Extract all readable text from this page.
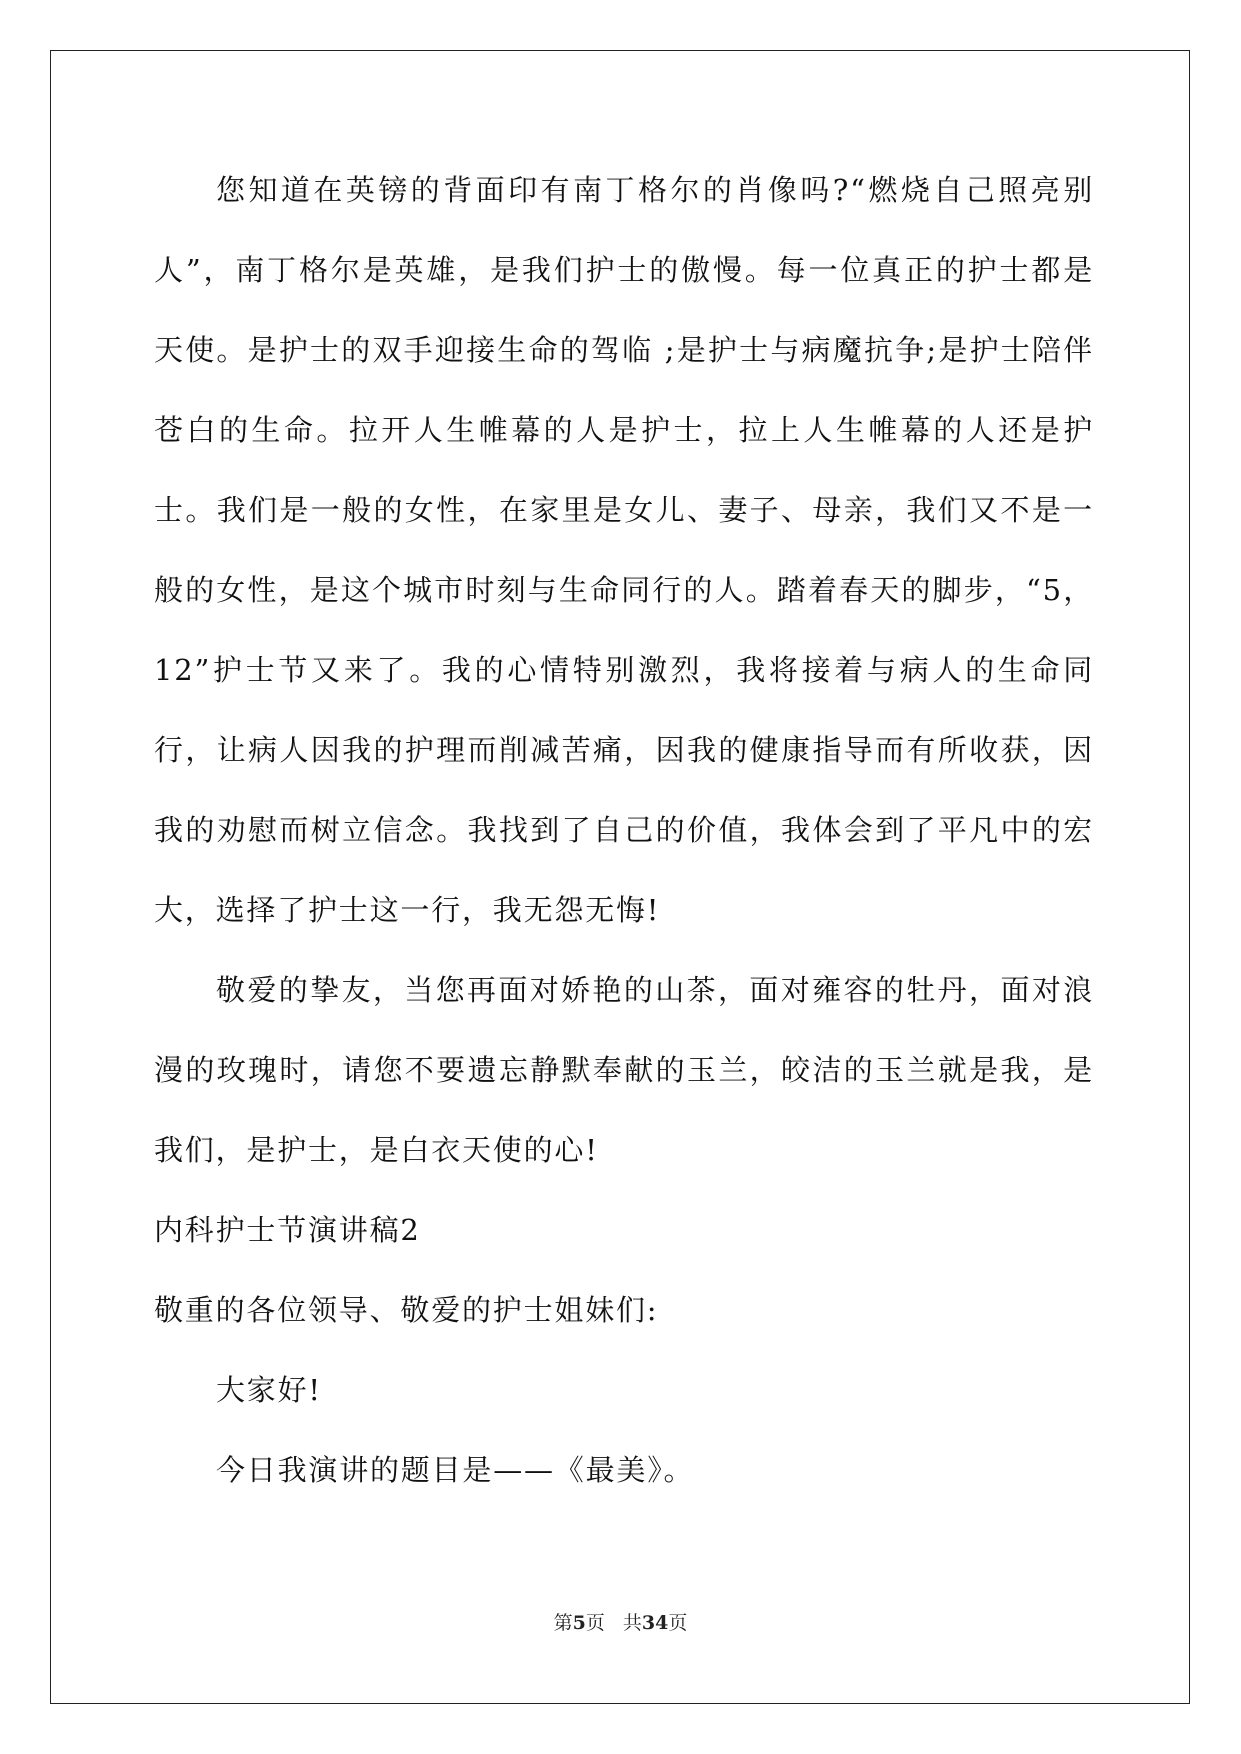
您知道在英镑的背面印有南丁格尔的肖像吗?“燃烧自己照亮别人”，南丁格尔是英雄，是我们护士的傲慢。每一位真正的护士都是天使。是护士的双手迎接生命的驾临 ;是护士与病魔抗争;是护士陪伴苍白的生命。拉开人生帷幕的人是护士，拉上人生帷幕的人还是护士。我们是一般的女性，在家里是女儿、妻子、母亲，我们又不是一般的女性，是这个城市时刻与生命同行的人。踏着春天的脚步，“5，12”护士节又来了。我的心情特别激烈，我将接着与病人的生命同行，让病人因我的护理而削减苦痛，因我的健康指导而有所收获，因我的劝慰而树立信念。我找到了自己的价值，我体会到了平凡中的宏大，选择了护士这一行，我无怨无悔!

敬爱的挚友，当您再面对娇艳的山茶，面对雍容的牡丹，面对浪漫的玫瑰时，请您不要遗忘静默奉献的玉兰，皎洁的玉兰就是我，是我们，是护士，是白衣天使的心!

内科护士节演讲稿2

敬重的各位领导、敬爱的护士姐妹们:

大家好!

今日我演讲的题目是——《最美》。

第5页 共34页
